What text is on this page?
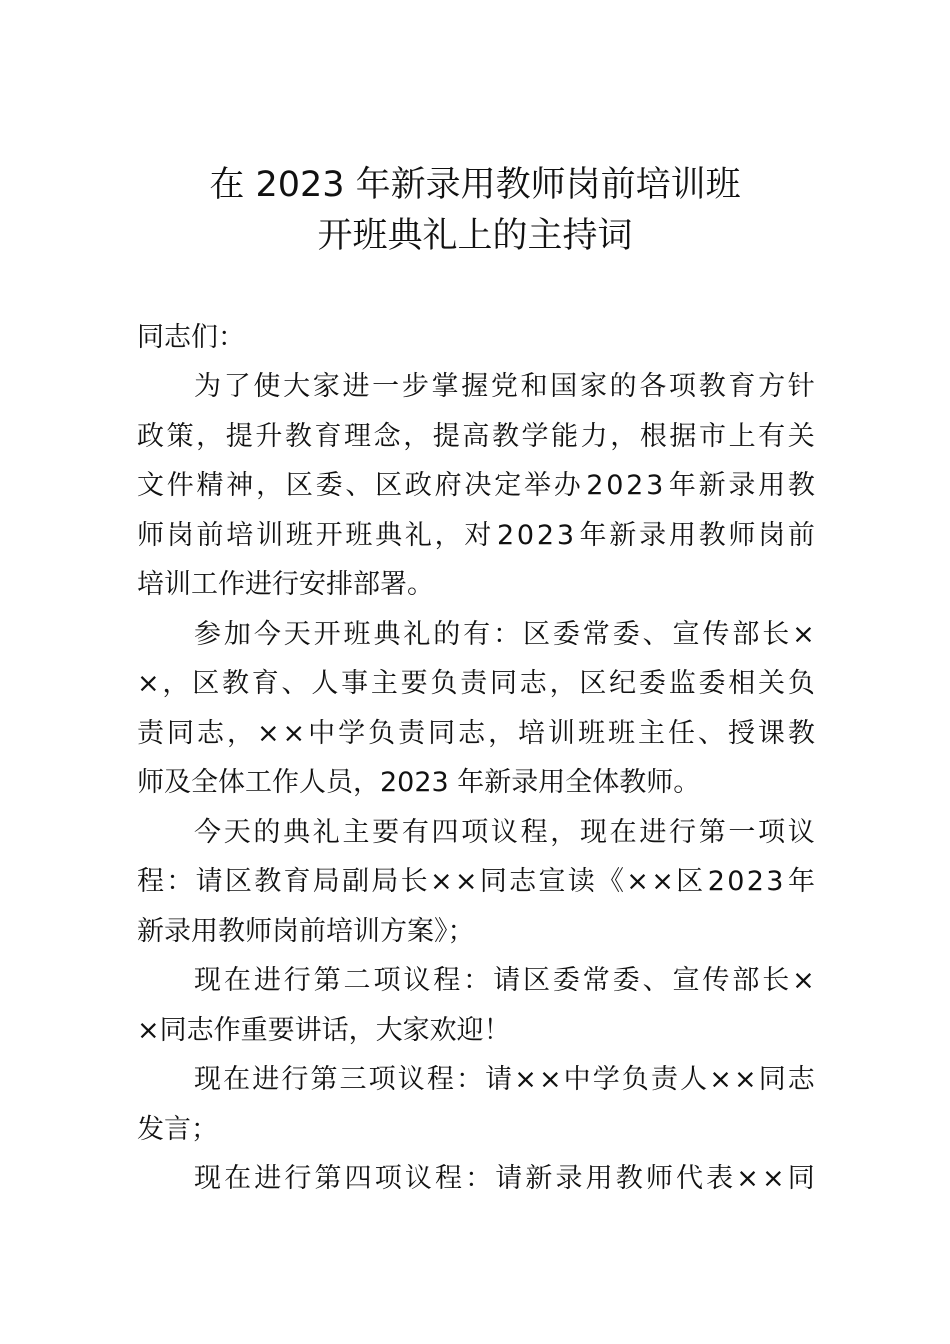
在 2023 年新录用教师岗前培训班
开班典礼上的主持词
同志们：
为 了 使 大 家 进 一 步 掌 握 党 和 国 家 的 各 项 教 育 方 针
政 策 ， 提 升 教 育 理 念 ， 提 高 教 学 能 力 ， 根 据 市 上 有 关
文 件 精 神 ， 区 委 、 区 政 府 决 定 举 办 2 0 2 3 年 新 录 用 教
师 岗 前 培 训 班 开 班 典 礼 ， 对 2 0 2 3 年 新 录 用 教 师 岗 前
培训工作进行安排部署。
参 加 今 天 开 班 典 礼 的 有 ： 区 委 常 委 、 宣 传 部 长 ×
× ， 区 教 育 、 人 事 主 要 负 责 同 志 ， 区 纪 委 监 委 相 关 负
责 同 志 ， × × 中 学 负 责 同 志 ， 培 训 班 班 主 任 、 授 课 教
师及全体工作人员，2023 年新录用全体教师。
今 天 的 典 礼 主 要 有 四 项 议 程 ， 现 在 进 行 第 一 项 议
程 ： 请 区 教 育 局 副 局 长 × × 同 志 宣 读 《 × × 区 2 0 2 3 年
新录用教师岗前培训方案》；
现 在 进 行 第 二 项 议 程 ： 请 区 委 常 委 、 宣 传 部 长 ×
×同志作重要讲话，大家欢迎！
现 在 进 行 第 三 项 议 程 ： 请 × × 中 学 负 责 人 × × 同 志
发言；
现 在 进 行 第 四 项 议 程 ： 请 新 录 用 教 师 代 表 × × 同
